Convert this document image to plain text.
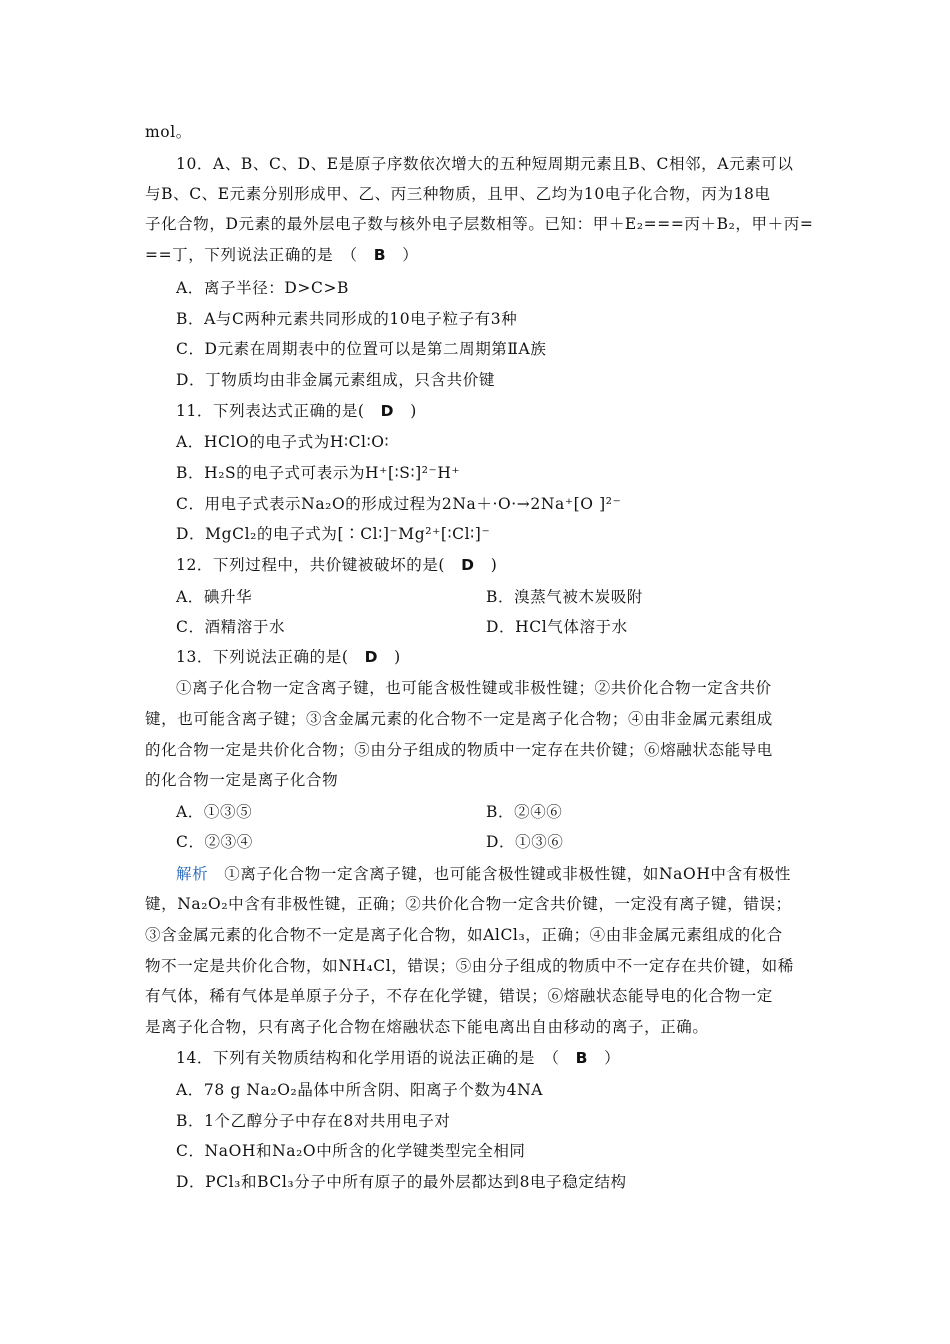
mol。
10．A、B、C、D、E是原子序数依次增大的五种短周期元素且B、C相邻，A元素可以
与B、C、E元素分别形成甲、乙、丙三种物质，且甲、乙均为10电子化合物，丙为18电
子化合物，D元素的最外层电子数与核外电子层数相等。已知：甲＋E₂===丙＋B₂，甲＋丙=
==丁，下列说法正确的是　（　B　）
A．离子半径：D>C>B
B．A与C两种元素共同形成的10电子粒子有3种
C．D元素在周期表中的位置可以是第二周期第ⅡA族
D．丁物质均由非金属元素组成，只含共价键
11．下列表达式正确的是(　D　)
A．HClO的电子式为H∶Cl∶O∶
B．H₂S的电子式可表示为H⁺[∶S∶]²⁻H⁺
C．用电子式表示Na₂O的形成过程为2Na＋·O·→2Na⁺[O ]²⁻
D．MgCl₂的电子式为[∶Cl∶]⁻Mg²⁺[∶Cl∶]⁻
12．下列过程中，共价键被破坏的是(　D　)
A．碘升华	B．溴蒸气被木炭吸附
C．酒精溶于水	D．HCl气体溶于水
13．下列说法正确的是(　D　)
①离子化合物一定含离子键，也可能含极性键或非极性键；②共价化合物一定含共价
键，也可能含离子键；③含金属元素的化合物不一定是离子化合物；④由非金属元素组成
的化合物一定是共价化合物；⑤由分子组成的物质中一定存在共价键；⑥熔融状态能导电
的化合物一定是离子化合物
A．①③⑤	B．②④⑥
C．②③④	D．①③⑥
解析　①离子化合物一定含离子键，也可能含极性键或非极性键，如NaOH中含有极性
键，Na₂O₂中含有非极性键，正确；②共价化合物一定含共价键，一定没有离子键，错误；
③含金属元素的化合物不一定是离子化合物，如AlCl₃，正确；④由非金属元素组成的化合
物不一定是共价化合物，如NH₄Cl，错误；⑤由分子组成的物质中不一定存在共价键，如稀
有气体，稀有气体是单原子分子，不存在化学键，错误；⑥熔融状态能导电的化合物一定
是离子化合物，只有离子化合物在熔融状态下能电离出自由移动的离子，正确。
14．下列有关物质结构和化学用语的说法正确的是　（　B　）
A．78 g Na₂O₂晶体中所含阴、阳离子个数为4NA
B．1个乙醇分子中存在8对共用电子对
C．NaOH和Na₂O中所含的化学键类型完全相同
D．PCl₃和BCl₃分子中所有原子的最外层都达到8电子稳定结构
